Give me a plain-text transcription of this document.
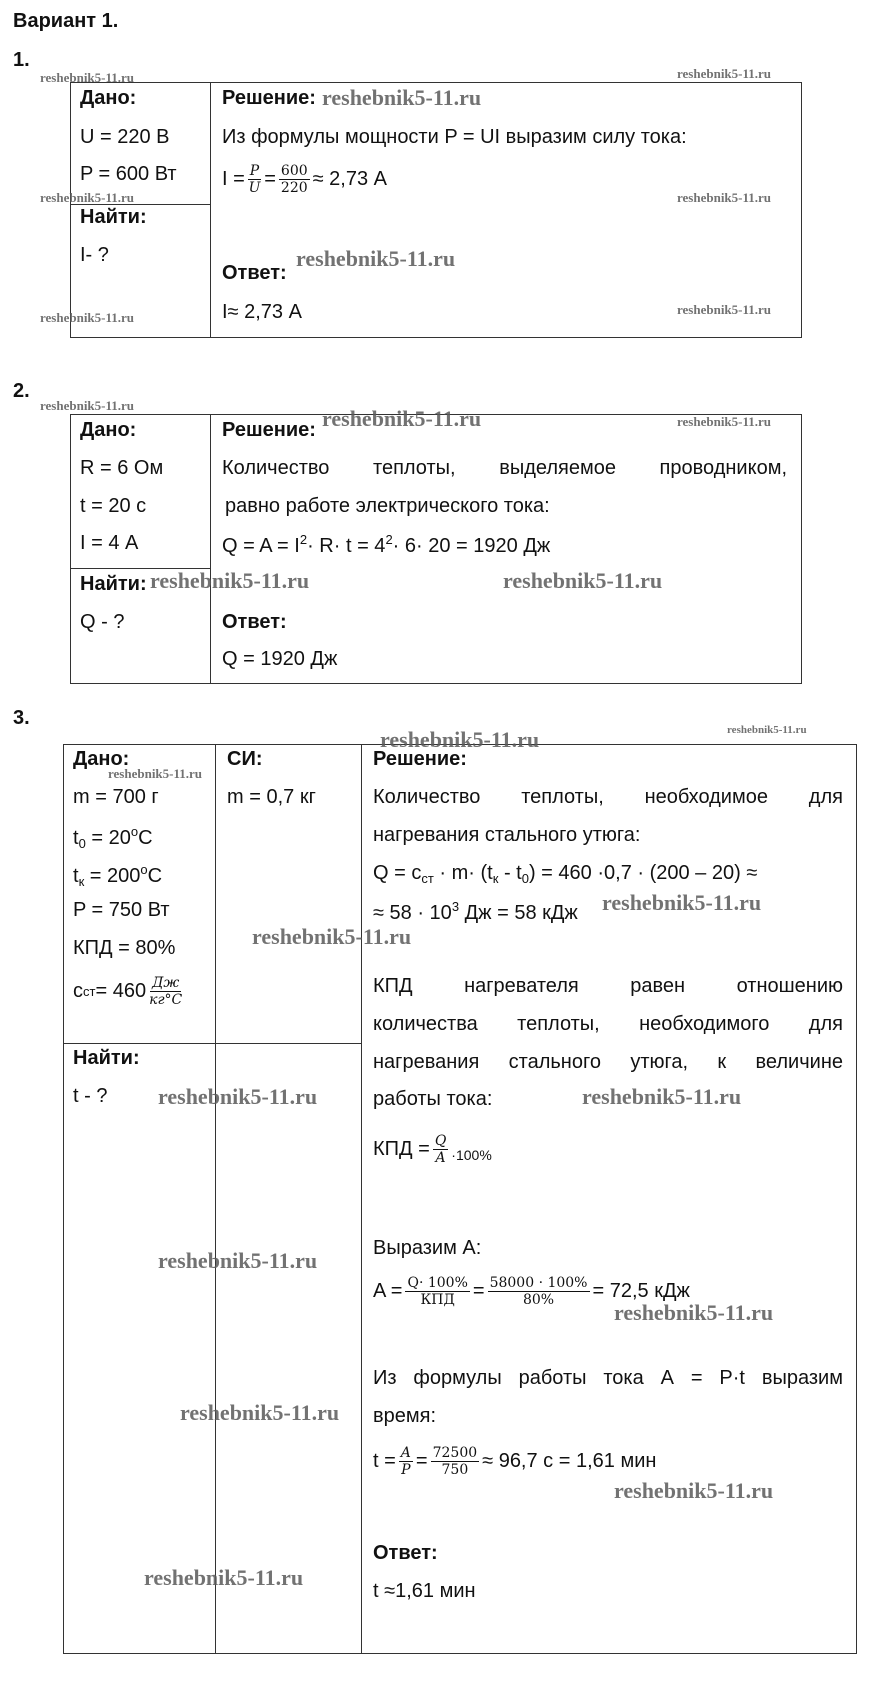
Вариант 1.
1.
Дано:
U = 220 В
P = 600 Вт
Найти:
I- ?
Решение:
Из формулы мощности P = UI выразим силу тока:
$I = \frac{P}{U} = \frac{600}{220} \approx 2,73$ А
Ответ:
I≈ 2,73 А
2.
Дано:
R = 6 Ом
t = 20 с
I = 4 А
Найти:
Q - ?
Решение:
Количество теплоты, выделяемое проводником,
равно работе электрического тока:
$Q = A = I^2\cdot R\cdot t = 4^2\cdot 6\cdot 20 = 1920$ Дж
Ответ:
Q = 1920 Дж
3.
Дано:	СИ:	Решение:
m = 700 г
$t_0 = 20^oC$
$t_к = 200^oC$
P = 750 Вт
КПД = 80%
c ст = $460 \frac{Дж}{кг^\circ C}$
m = 0,7 кг
Найти:
t - ?
Количество теплоты, необходимое для
нагревания стального утюга:
$Q = c_{ст} \cdot m\cdot (t_к - t_0) = 460 \cdot 0,7 \cdot (200 - 20)$ ≈
≈ $58 \cdot 10^3$ Дж = 58 кДж
КПД	нагревателя	равен	отношению
количества теплоты, необходимого для
нагревания стального утюга, к величине
работы тока:
КПД = $\frac{Q}{A} \cdot 100\%$
Выразим А:
$A = \frac{Q\cdot 100\%}{\text{КПД}} = \frac{58000 \cdot 100\%}{80\%} = 72,5$ кДж
Из формулы работы тока A = P·t выразим
время:
$t = \frac{A}{P} = \frac{72500}{750} \approx 96,7$ с = 1,61 мин
Ответ:
t ≈1,61 мин
reshebnik5-11.ru	reshebnik5-11.ru
reshebnik5-11.ru
reshebnik5-11.ru	reshebnik5-11.ru
reshebnik5-11.ru
reshebnik5-11.ru
reshebnik5-11.ru
reshebnik5-11.ru
reshebnik5-11.ru	reshebnik5-11.ru
reshebnik5-11.ru	reshebnik5-11.ru
reshebnik5-11.ru	reshebnik5-11.ru
reshebnik5-11.ru
reshebnik5-11.ru
reshebnik5-11.ru
reshebnik5-11.ru	reshebnik5-11.ru
reshebnik5-11.ru
reshebnik5-11.ru
reshebnik5-11.ru
reshebnik5-11.ru
reshebnik5-11.ru
